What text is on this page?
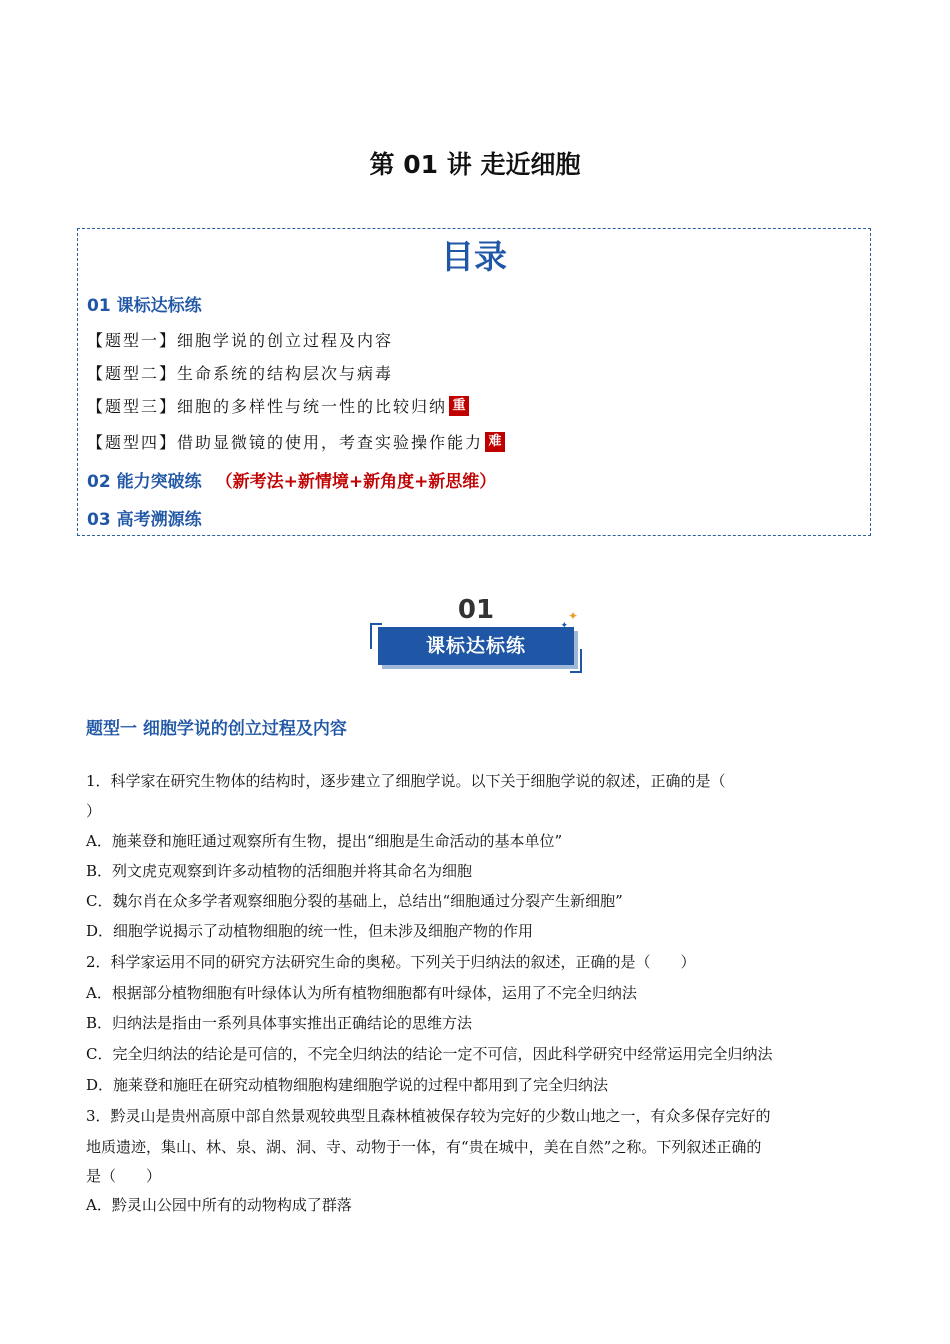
第 01 讲 走近细胞
目录
01 课标达标练
【题型一】细胞学说的创立过程及内容
【题型二】生命系统的结构层次与病毒
【题型三】细胞的多样性与统一性的比较归纳 重
【题型四】借助显微镜的使用，考查实验操作能力 难
02 能力突破练 （新考法+新情境+新角度+新思维）
03 高考溯源练
01
课标达标练
✦
✦
题型一 细胞学说的创立过程及内容
1．科学家在研究生物体的结构时，逐步建立了细胞学说。以下关于细胞学说的叙述，正确的是（
）
A．施莱登和施旺通过观察所有生物，提出“细胞是生命活动的基本单位”
B．列文虎克观察到许多动植物的活细胞并将其命名为细胞
C．魏尔肖在众多学者观察细胞分裂的基础上，总结出“细胞通过分裂产生新细胞”
D．细胞学说揭示了动植物细胞的统一性，但未涉及细胞产物的作用
2．科学家运用不同的研究方法研究生命的奥秘。下列关于归纳法的叙述，正确的是（　　）
A．根据部分植物细胞有叶绿体认为所有植物细胞都有叶绿体，运用了不完全归纳法
B．归纳法是指由一系列具体事实推出正确结论的思维方法
C．完全归纳法的结论是可信的，不完全归纳法的结论一定不可信，因此科学研究中经常运用完全归纳法
D．施莱登和施旺在研究动植物细胞构建细胞学说的过程中都用到了完全归纳法
3．黔灵山是贵州高原中部自然景观较典型且森林植被保存较为完好的少数山地之一，有众多保存完好的
地质遗迹，集山、林、泉、湖、洞、寺、动物于一体，有“贵在城中，美在自然”之称。下列叙述正确的
是（　　）
A．黔灵山公园中所有的动物构成了群落
